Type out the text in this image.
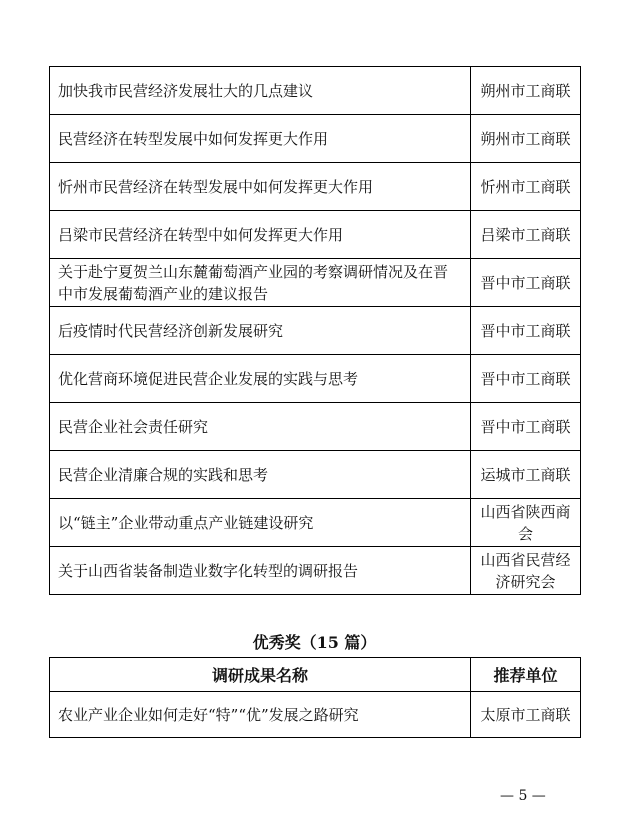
加快我市民营经济发展壮大的几点建议	朔州市工商联
民营经济在转型发展中如何发挥更大作用	朔州市工商联
忻州市民营经济在转型发展中如何发挥更大作用	忻州市工商联
吕梁市民营经济在转型中如何发挥更大作用	吕梁市工商联
关于赴宁夏贺兰山东麓葡萄酒产业园的考察调研情况及在晋中市发展葡萄酒产业的建议报告	晋中市工商联
后疫情时代民营经济创新发展研究	晋中市工商联
优化营商环境促进民营企业发展的实践与思考	晋中市工商联
民营企业社会责任研究	晋中市工商联
民营企业清廉合规的实践和思考	运城市工商联
以“链主”企业带动重点产业链建设研究	山西省陕西商会
关于山西省装备制造业数字化转型的调研报告	山西省民营经济研究会
优秀奖（15 篇）
调研成果名称	推荐单位
农业产业企业如何走好“特”“优”发展之路研究	太原市工商联
— 5 —
